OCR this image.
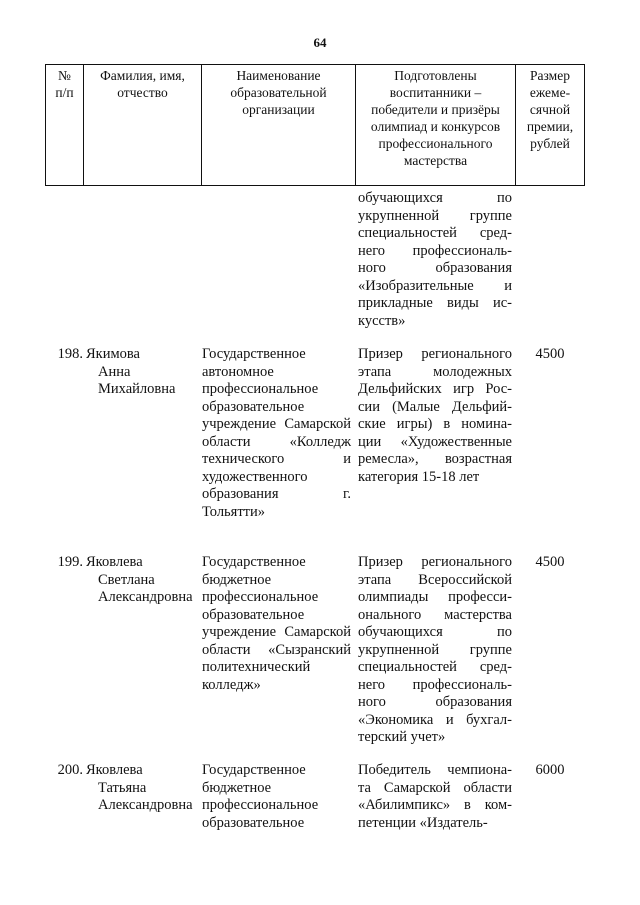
64
№
п/п
Фамилия, имя,
отчество
Наименование
образовательной
организации
Подготовлены
воспитанники –
победители и призёры
олимпиад и конкурсов
профессионального
мастерства
Размер
ежеме-
сячной
премии,
рублей
обучающихся по укрупненной группе специальностей сред-него профессиональ-ного образования «Изобразительные и прикладные виды ис-кусств»
198. Якимова
Анна
Михайловна
Государственное автономное профессиональное образовательное учреждение Самарской области «Колледж технического и художественного образования г. Тольятти»
Призер регионального этапа молодежных Дельфийских игр Рос-сии (Малые Дельфий-ские игры) в номина-ции «Художественные ремесла», возрастная категория 15-18 лет
4500
199. Яковлева
Светлана
Александровна
Государственное бюджетное профессиональное образовательное учреждение Самарской области «Сызранский политехнический колледж»
Призер регионального этапа Всероссийской олимпиады професси-онального мастерства обучающихся по укрупненной группе специальностей сред-него профессиональ-ного образования «Экономика и бухгал-терский учет»
4500
200. Яковлева
Татьяна
Александровна
Государственное бюджетное профессиональное образовательное
Победитель чемпиона-та Самарской области «Абилимпикс» в ком-петенции «Издатель-
6000
